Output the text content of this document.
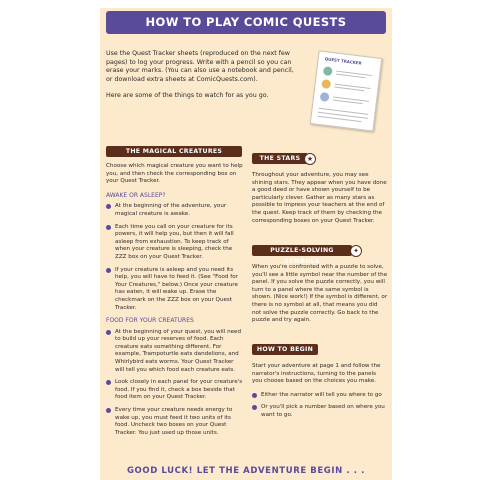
HOW TO PLAY COMIC QUESTS

Use the Quest Tracker sheets (reproduced on the next few pages) to log your progress. Write with a pencil so you can erase your marks. (You can also use a notebook and pencil, or download extra sheets at ComicQuests.com).

Here are some of the things to watch for as you go.

QUEST TRACKER
THE MAGICAL CREATURES

Choose which magical creature you want to help you, and then check the corresponding box on your Quest Tracker.

AWAKE OR ASLEEP?
At the beginning of the adventure, your magical creature is awake.
Each time you call on your creature for its powers, it will help you, but then it will fall asleep from exhaustion. To keep track of when your creature is sleeping, check the ZZZ box on your Quest Tracker.
If your creature is asleep and you need its help, you will have to feed it. (See "Food for Your Creatures," below.) Once your creature has eaten, it will wake up. Erase the checkmark on the ZZZ box on your Quest Tracker.
FOOD FOR YOUR CREATURES
At the beginning of your quest, you will need to build up your reserves of food. Each creature eats something different. For example, Trampoturtle eats dandelions, and Whirlybird eats worms. Your Quest Tracker will tell you which food each creature eats.
Look closely in each panel for your creature's food. If you find it, check a box beside that food item on your Quest Tracker.
Every time your creature needs energy to wake up, you must feed it two units of its food. Uncheck two boxes on your Quest Tracker. You just used up those units.
THE STARS ★

Throughout your adventure, you may see shining stars. They appear when you have done a good deed or have shown yourself to be particularly clever. Gather as many stars as possible to impress your teachers at the end of the quest. Keep track of them by checking the corresponding boxes on your Quest Tracker.

PUZZLE-SOLVING SYMBOLS
✦

When you're confronted with a puzzle to solve, you'll see a little symbol near the number of the panel. If you solve the puzzle correctly, you will turn to a panel where the same symbol is shown. (Nice work!) If the symbol is different, or there is no symbol at all, that means you did not solve the puzzle correctly. Go back to the puzzle and try again.

HOW TO BEGIN

Start your adventure at page 1 and follow the narrator's instructions, turning to the panels you choose based on the choices you make.

Either the narrator will tell you where to go
Or you'll pick a number based on where you want to go.
GOOD LUCK! LET THE ADVENTURE BEGIN . . .
